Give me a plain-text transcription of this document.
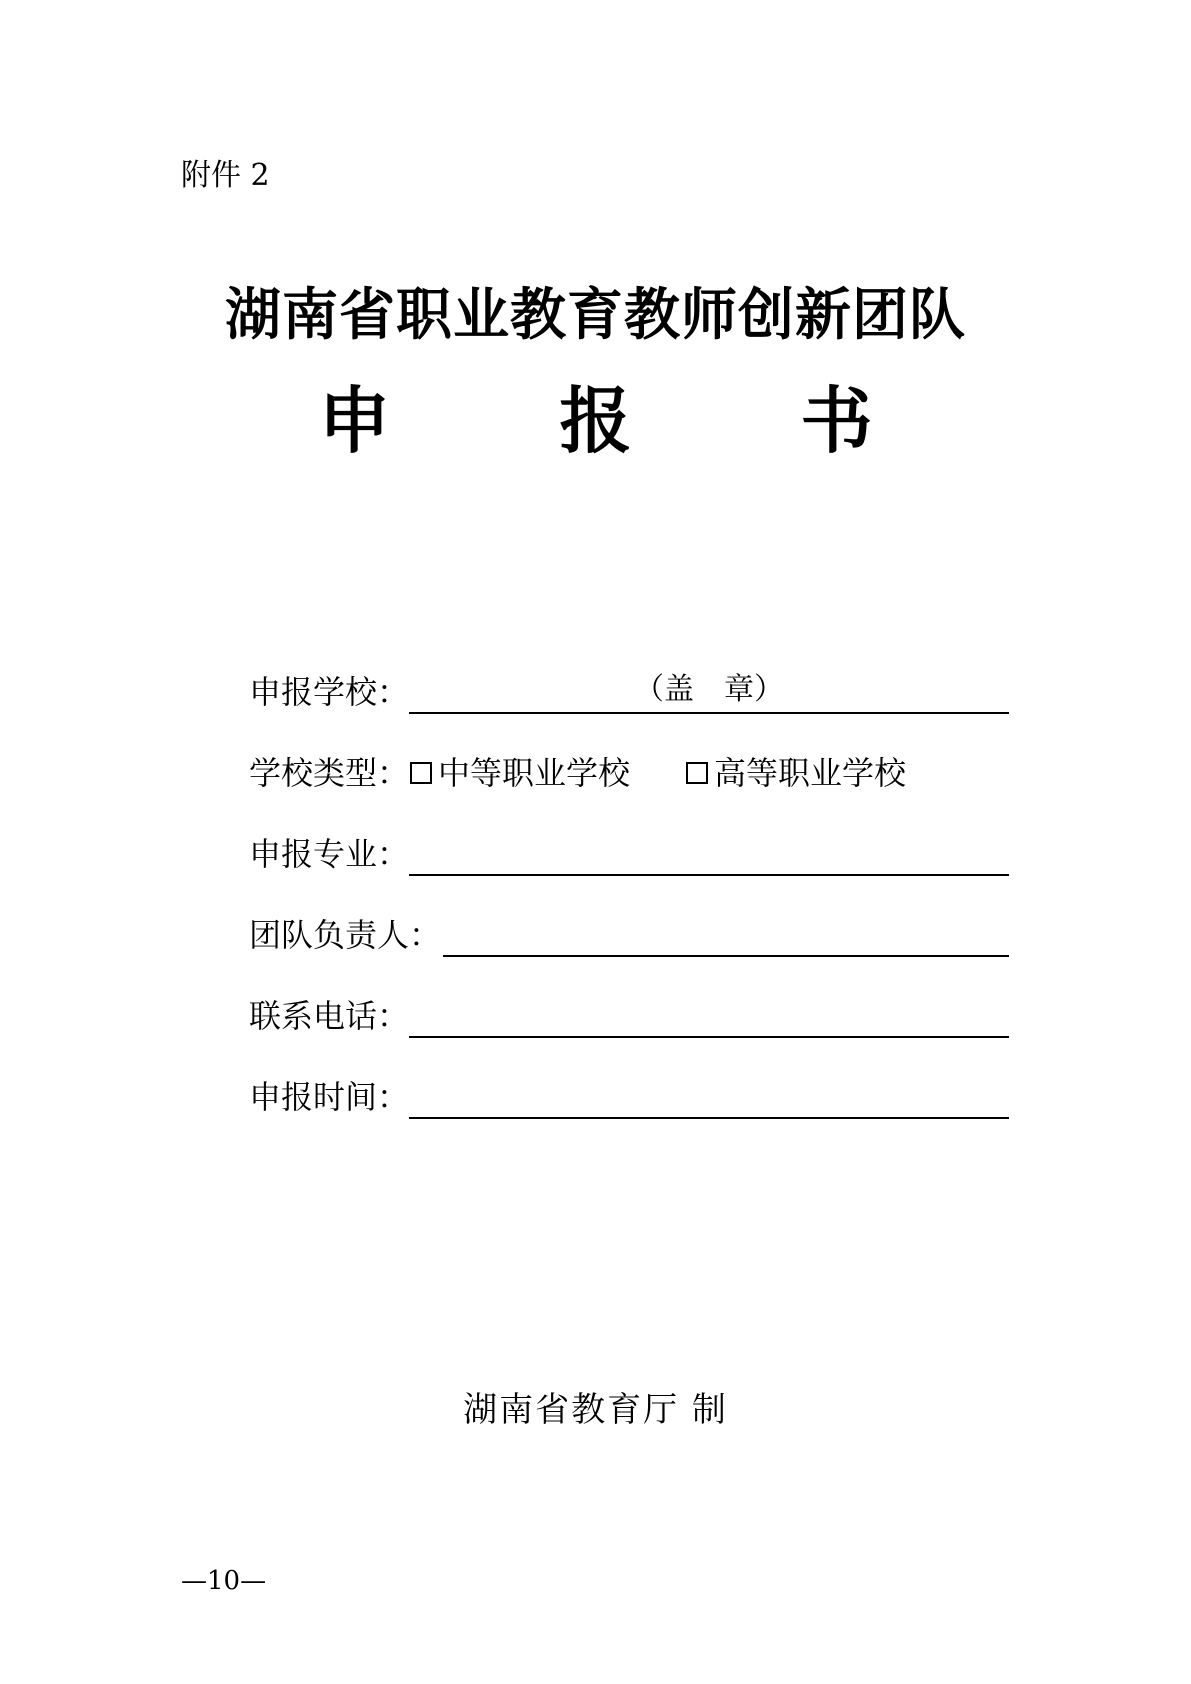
附件 2
湖南省职业教育教师创新团队
申 报 书
申报学校：	（盖　章）
学校类型： 中等职业学校	高等职业学校
申报专业：
团队负责人：
联系电话：
申报时间：
湖南省教育厅 制
—10—
